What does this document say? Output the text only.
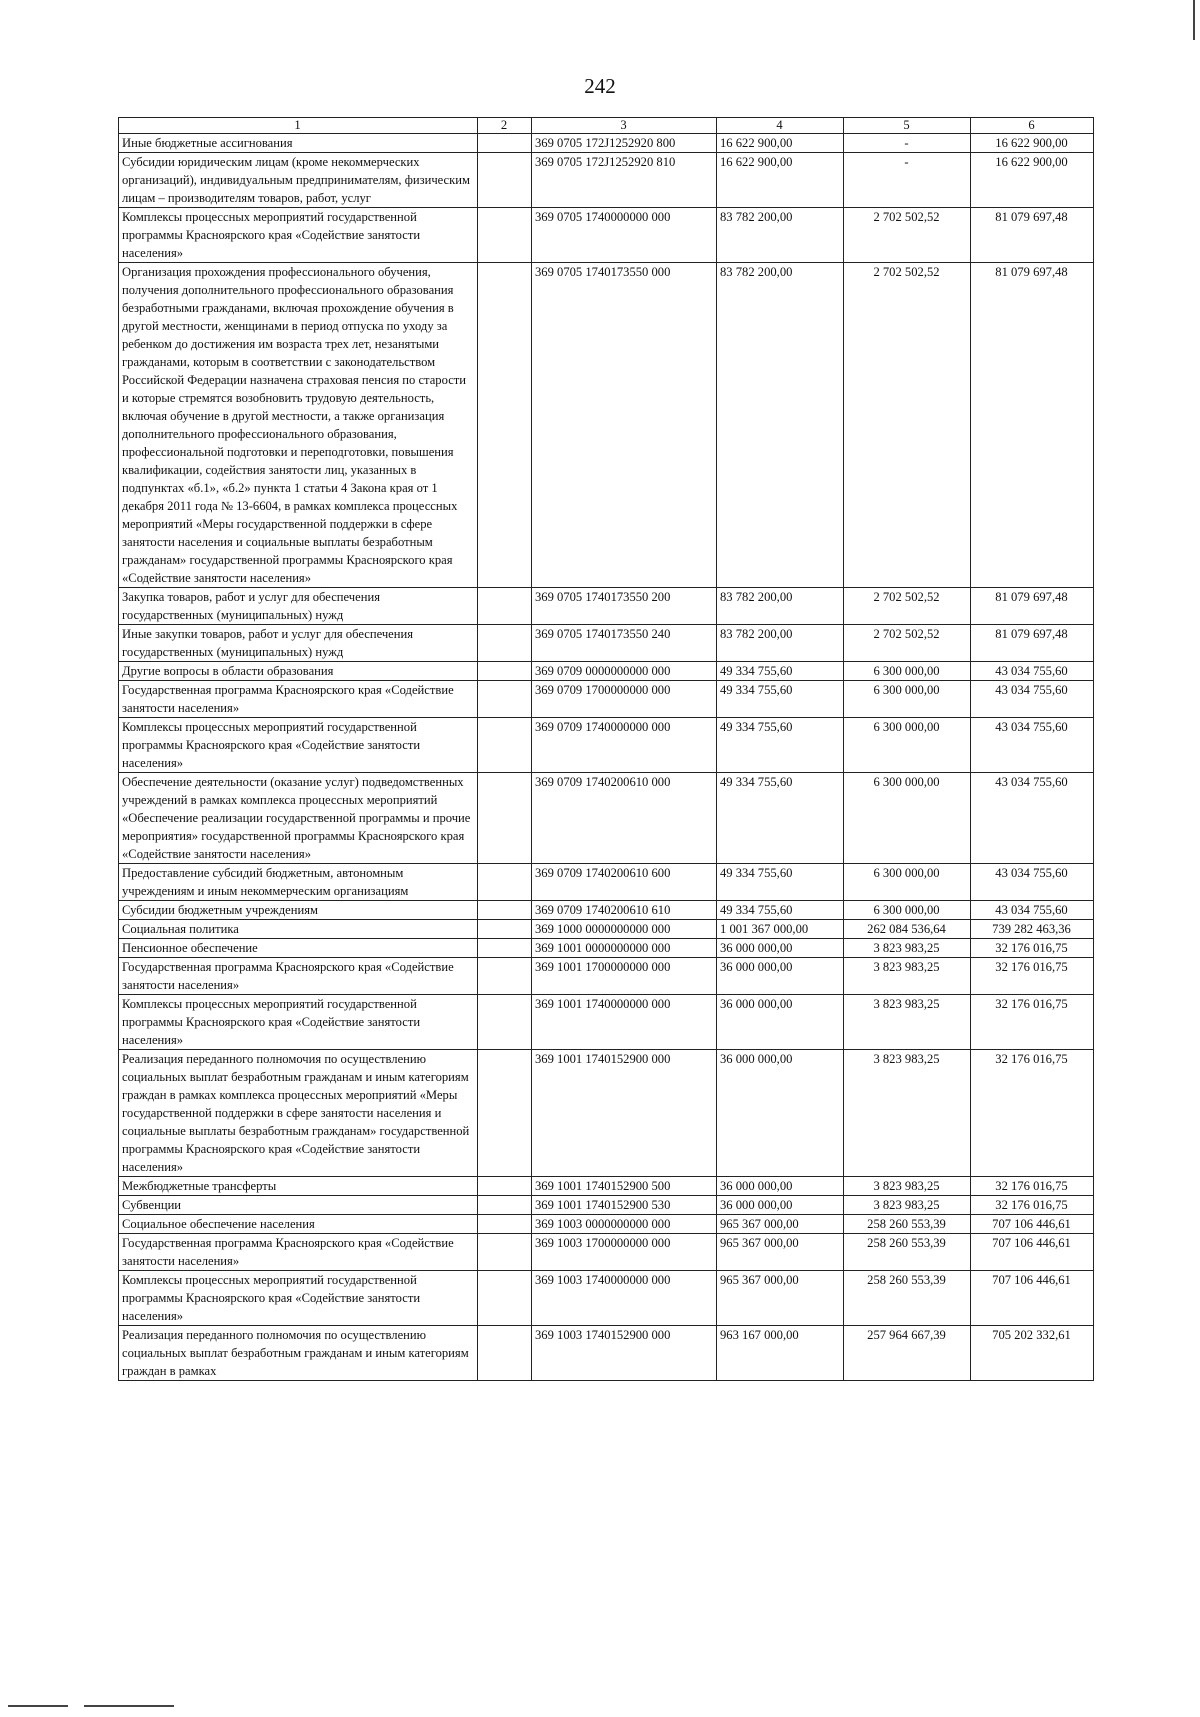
242
1	2	3	4	5	6
Иные бюджетные ассигнования		369 0705 172J1252920 800	16 622 900,00	-	16 622 900,00
Субсидии юридическим лицам (кроме некоммерческих организаций), индивидуальным предпринимателям, физическим лицам – производителям товаров, работ, услуг		369 0705 172J1252920 810	16 622 900,00	-	16 622 900,00
Комплексы процессных мероприятий государственной программы Красноярского края «Содействие занятости населения»		369 0705 1740000000 000	83 782 200,00	2 702 502,52	81 079 697,48
Организация прохождения профессионального обучения, получения дополнительного профессионального образования безработными гражданами, включая прохождение обучения в другой местности, женщинами в период отпуска по уходу за ребенком до достижения им возраста трех лет, незанятыми гражданами, которым в соответствии с законодательством Российской Федерации назначена страховая пенсия по старости и которые стремятся возобновить трудовую деятельность, включая обучение в другой местности, а также организация дополнительного профессионального образования, профессиональной подготовки и переподготовки, повышения квалификации, содействия занятости лиц, указанных в подпунктах «б.1», «б.2» пункта 1 статьи 4 Закона края от 1 декабря 2011 года № 13-6604, в рамках комплекса процессных мероприятий «Меры государственной поддержки в сфере занятости населения и социальные выплаты безработным гражданам» государственной программы Красноярского края «Содействие занятости населения»		369 0705 1740173550 000	83 782 200,00	2 702 502,52	81 079 697,48
Закупка товаров, работ и услуг для обеспечения государственных (муниципальных) нужд		369 0705 1740173550 200	83 782 200,00	2 702 502,52	81 079 697,48
Иные закупки товаров, работ и услуг для обеспечения государственных (муниципальных) нужд		369 0705 1740173550 240	83 782 200,00	2 702 502,52	81 079 697,48
Другие вопросы в области образования		369 0709 0000000000 000	49 334 755,60	6 300 000,00	43 034 755,60
Государственная программа Красноярского края «Содействие занятости населения»		369 0709 1700000000 000	49 334 755,60	6 300 000,00	43 034 755,60
Комплексы процессных мероприятий государственной программы Красноярского края «Содействие занятости населения»		369 0709 1740000000 000	49 334 755,60	6 300 000,00	43 034 755,60
Обеспечение деятельности (оказание услуг) подведомственных учреждений в рамках комплекса процессных мероприятий «Обеспечение реализации государственной программы и прочие мероприятия» государственной программы Красноярского края «Содействие занятости населения»		369 0709 1740200610 000	49 334 755,60	6 300 000,00	43 034 755,60
Предоставление субсидий бюджетным, автономным учреждениям и иным некоммерческим организациям		369 0709 1740200610 600	49 334 755,60	6 300 000,00	43 034 755,60
Субсидии бюджетным учреждениям		369 0709 1740200610 610	49 334 755,60	6 300 000,00	43 034 755,60
Социальная политика		369 1000 0000000000 000	1 001 367 000,00	262 084 536,64	739 282 463,36
Пенсионное обеспечение		369 1001 0000000000 000	36 000 000,00	3 823 983,25	32 176 016,75
Государственная программа Красноярского края «Содействие занятости населения»		369 1001 1700000000 000	36 000 000,00	3 823 983,25	32 176 016,75
Комплексы процессных мероприятий государственной программы Красноярского края «Содействие занятости населения»		369 1001 1740000000 000	36 000 000,00	3 823 983,25	32 176 016,75
Реализация переданного полномочия по осуществлению социальных выплат безработным гражданам и иным категориям граждан в рамках комплекса процессных мероприятий «Меры государственной поддержки в сфере занятости населения и социальные выплаты безработным гражданам» государственной программы Красноярского края «Содействие занятости населения»		369 1001 1740152900 000	36 000 000,00	3 823 983,25	32 176 016,75
Межбюджетные трансферты		369 1001 1740152900 500	36 000 000,00	3 823 983,25	32 176 016,75
Субвенции		369 1001 1740152900 530	36 000 000,00	3 823 983,25	32 176 016,75
Социальное обеспечение населения		369 1003 0000000000 000	965 367 000,00	258 260 553,39	707 106 446,61
Государственная программа Красноярского края «Содействие занятости населения»		369 1003 1700000000 000	965 367 000,00	258 260 553,39	707 106 446,61
Комплексы процессных мероприятий государственной программы Красноярского края «Содействие занятости населения»		369 1003 1740000000 000	965 367 000,00	258 260 553,39	707 106 446,61
Реализация переданного полномочия по осуществлению социальных выплат безработным гражданам и иным категориям граждан в рамках		369 1003 1740152900 000	963 167 000,00	257 964 667,39	705 202 332,61
